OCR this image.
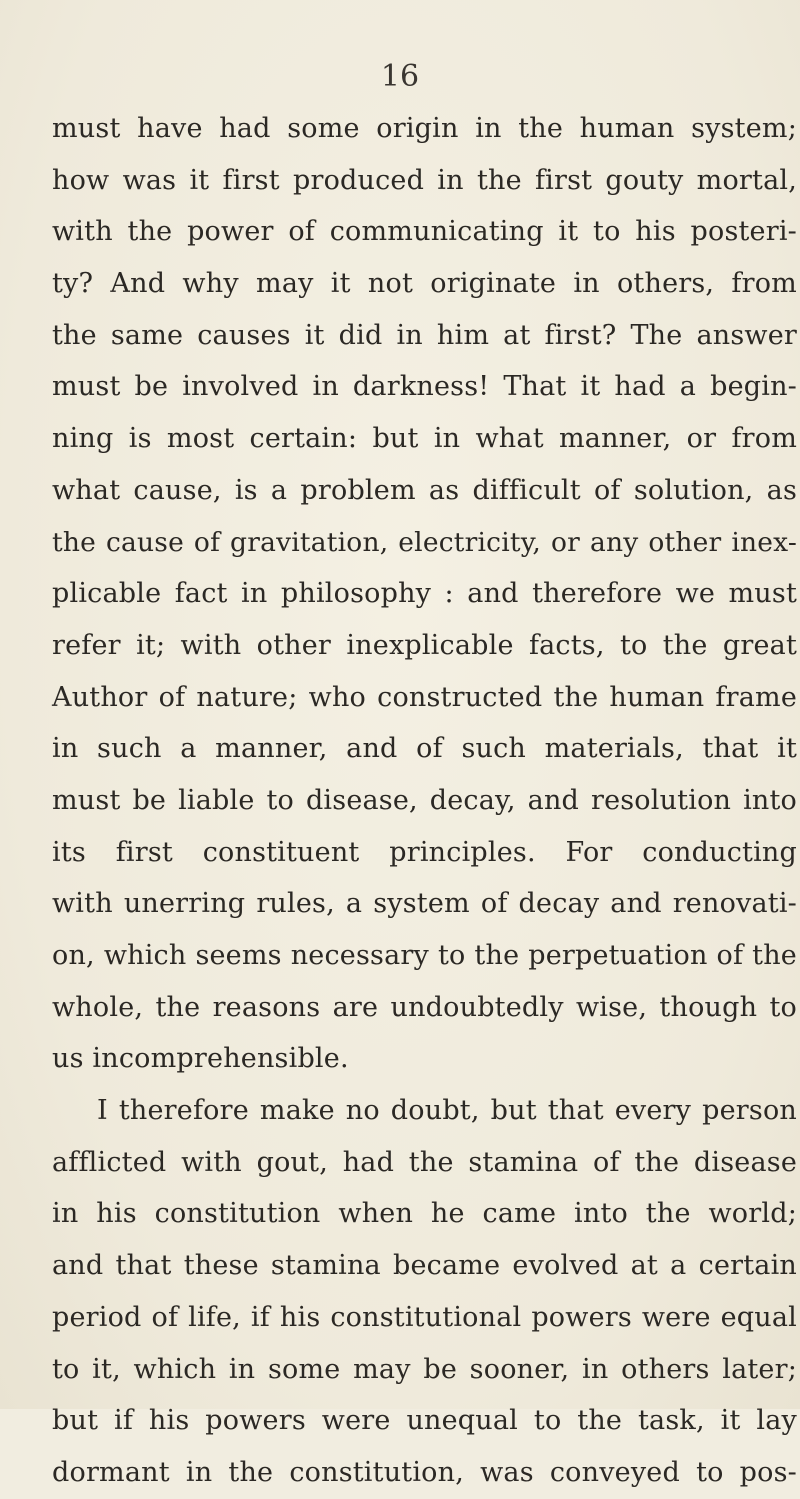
16
must have had some origin in the human system;
how was it first produced in the first gouty mortal,
with the power of communicating it to his posteri-
ty? And why may it not originate in others, from
the same causes it did in him at first? The answer
must be involved in darkness! That it had a begin-
ning is most certain: but in what manner, or from
what cause, is a problem as difficult of solution, as
the cause of gravitation, electricity, or any other inex-
plicable fact in philosophy : and therefore we must
refer it; with other inexplicable facts, to the great
Author of nature; who constructed the human frame
in such a manner, and of such materials, that it
must be liable to disease, decay, and resolution into
its first constituent principles. For conducting
with unerring rules, a system of decay and renovati-
on, which seems necessary to the perpetuation of the
whole, the reasons are undoubtedly wise, though to
us incomprehensible.
I therefore make no doubt, but that every person
afflicted with gout, had the stamina of the disease
in his constitution when he came into the world;
and that these stamina became evolved at a certain
period of life, if his constitutional powers were equal
to it, which in some may be sooner, in others later;
but if his powers were unequal to the task, it lay
dormant in the constitution, was conveyed to pos-
